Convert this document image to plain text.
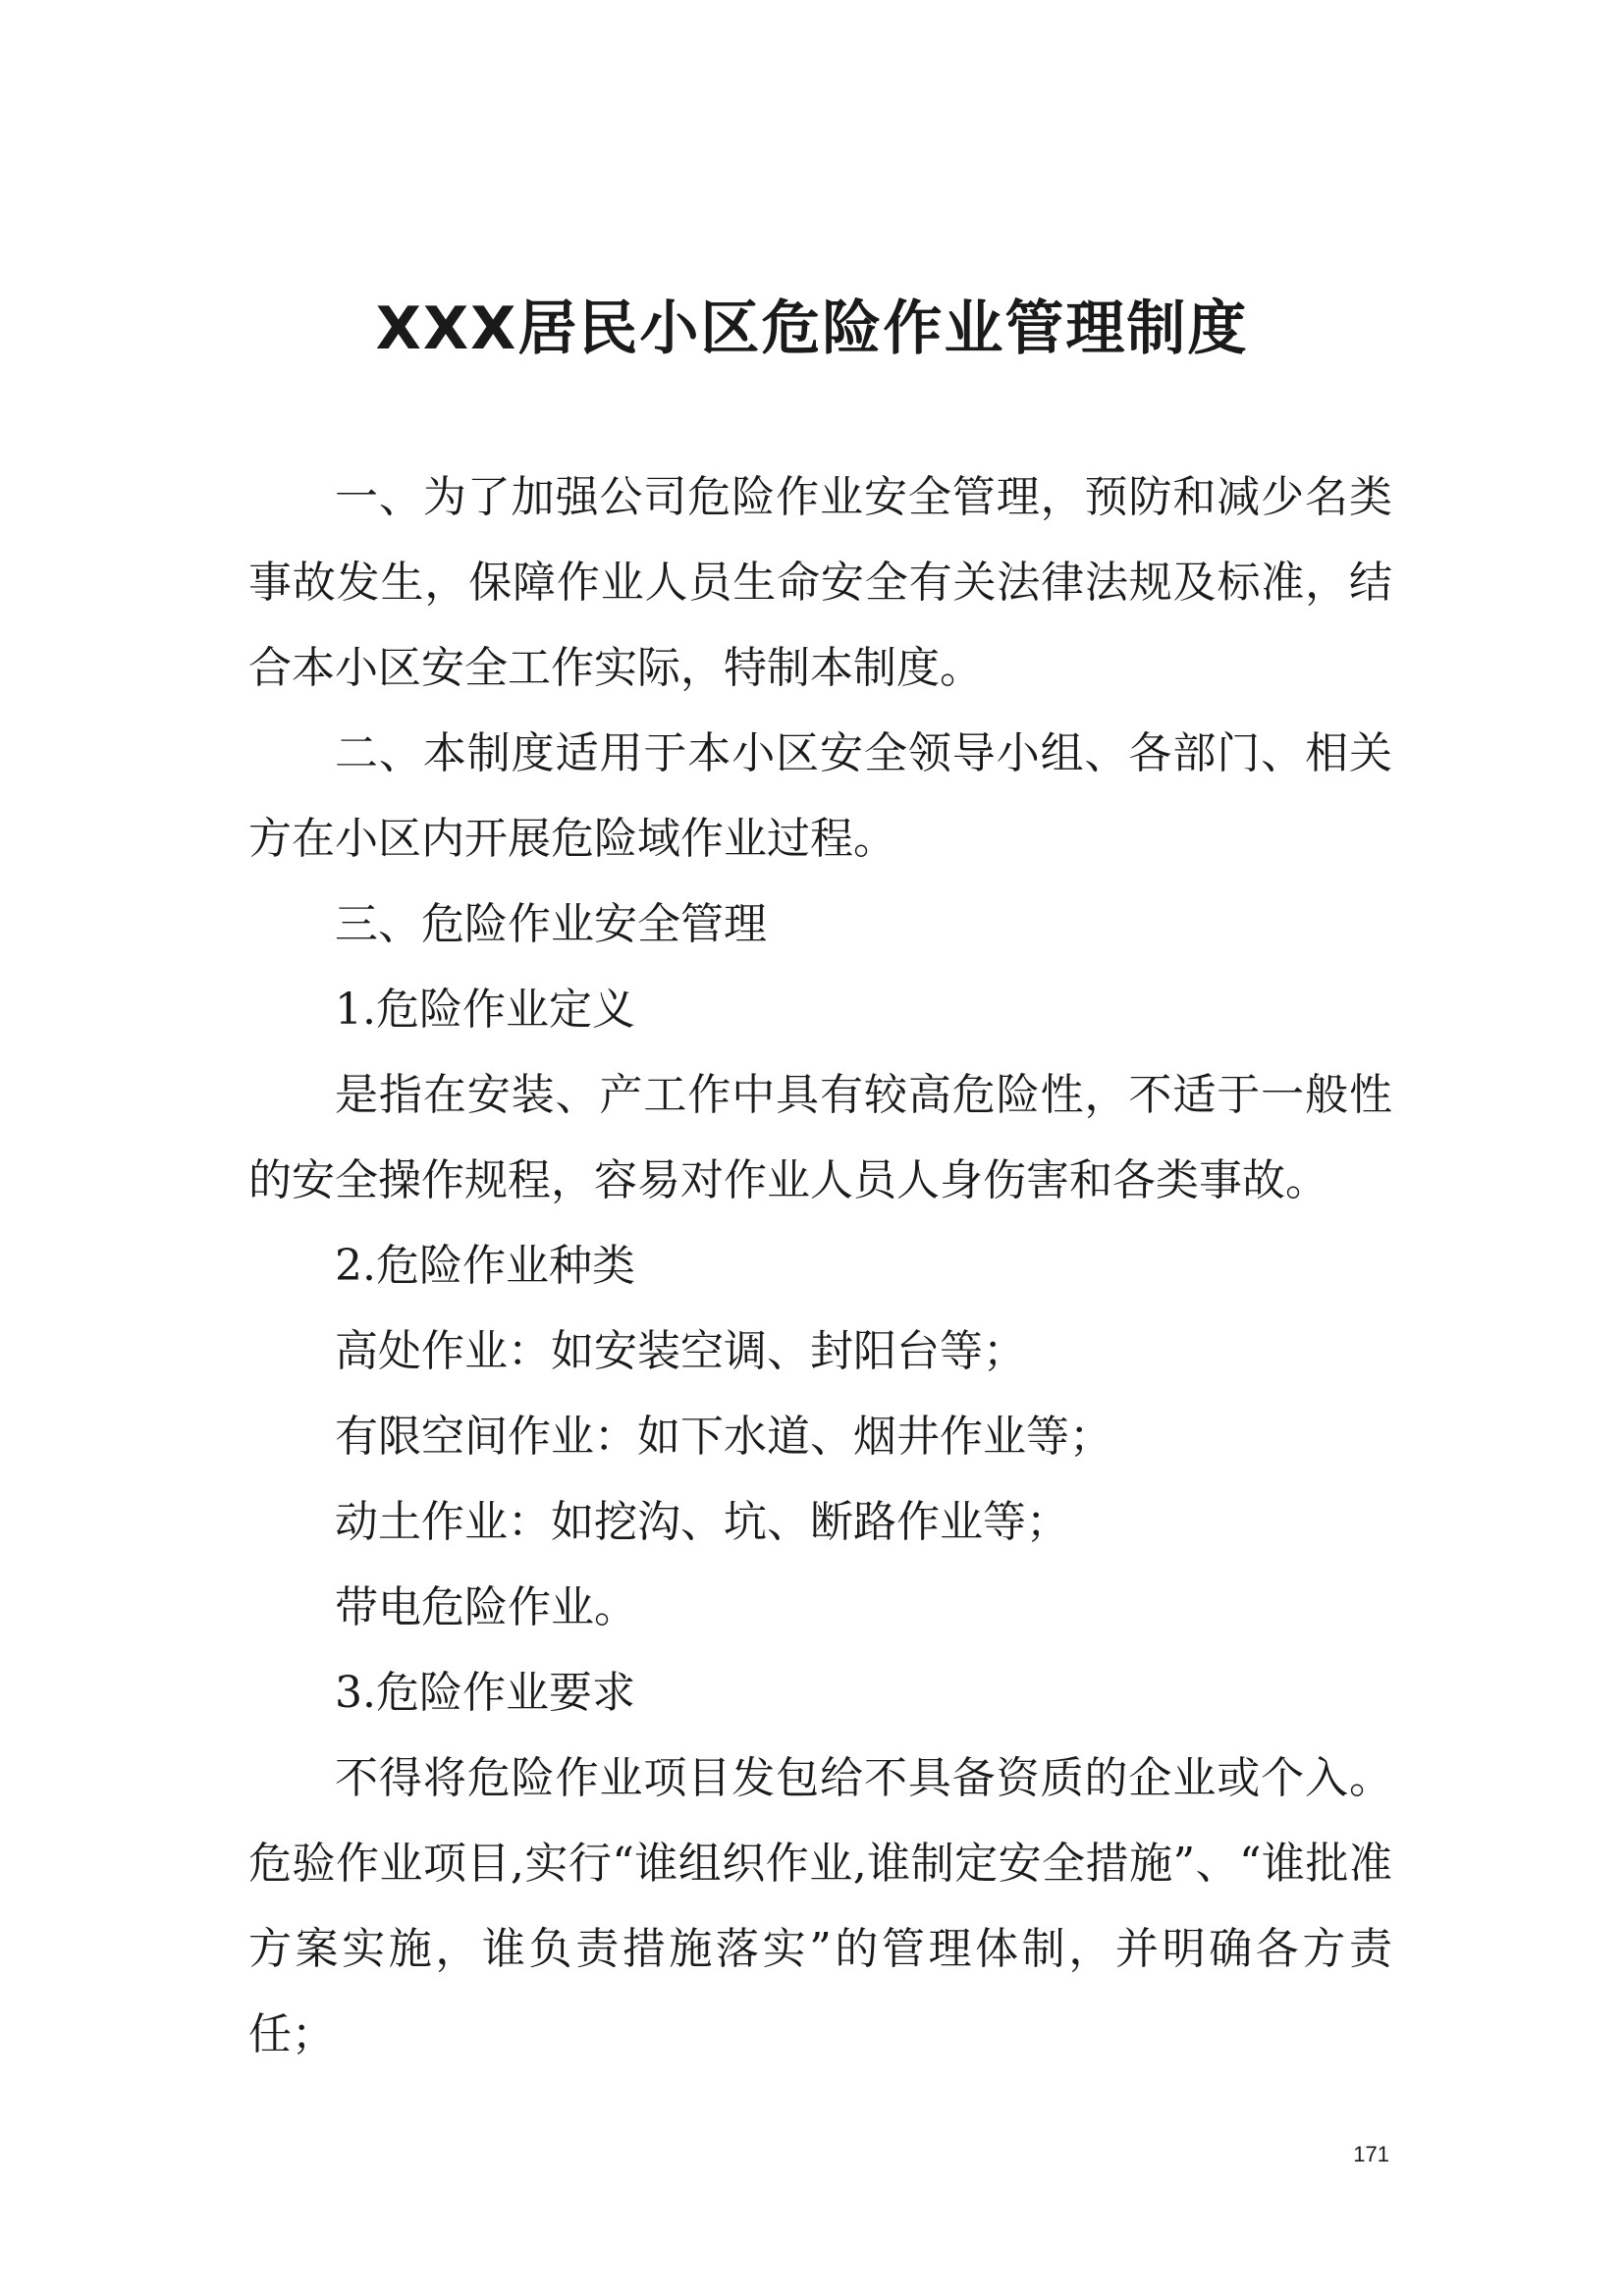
XXX居民小区危险作业管理制度

一、为了加强公司危险作业安全管理，预防和减少名类事故发生，保障作业人员生命安全有关法律法规及标准，结合本小区安全工作实际，特制本制度。

二、本制度适用于本小区安全领导小组、各部门、相关方在小区内开展危险域作业过程。

三、危险作业安全管理

1.危险作业定义

是指在安装、产工作中具有较高危险性，不适于一般性的安全操作规程，容易对作业人员人身伤害和各类事故。

2.危险作业种类

高处作业：如安装空调、封阳台等；

有限空间作业：如下水道、烟井作业等；

动土作业：如挖沟、坑、断路作业等；

带电危险作业。

3.危险作业要求

不得将危险作业项目发包给不具备资质的企业或个入。危验作业项目,实行“谁组织作业,谁制定安全措施”、“谁批准方案实施，谁负责措施落实”的管理体制，并明确各方责任；

171
